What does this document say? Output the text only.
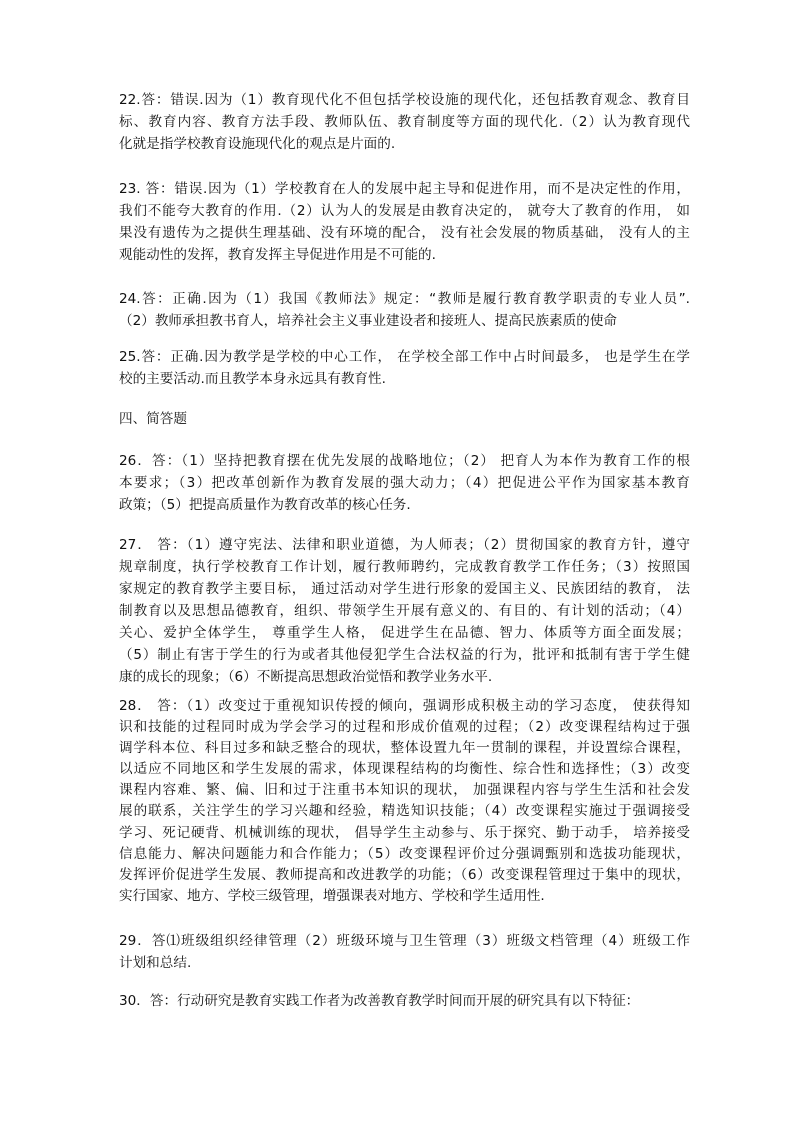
22.答：错误.因为（1）教育现代化不但包括学校设施的现代化，还包括教育观念、教育目
标、教育内容、教育方法手段、教师队伍、教育制度等方面的现代化.（2）认为教育现代
化就是指学校教育设施现代化的观点是片面的.
23. 答：错误.因为（1）学校教育在人的发展中起主导和促进作用，而不是决定性的作用，
我们不能夸大教育的作用.（2）认为人的发展是由教育决定的， 就夸大了教育的作用， 如
果没有遗传为之提供生理基础、没有环境的配合， 没有社会发展的物质基础， 没有人的主
观能动性的发挥，教育发挥主导促进作用是不可能的.
24.答：正确.因为（1）我国《教师法》规定：“教师是履行教育教学职责的专业人员”.
（2）教师承担教书育人，培养社会主义事业建设者和接班人、提高民族素质的使命
25.答：正确.因为教学是学校的中心工作， 在学校全部工作中占时间最多， 也是学生在学
校的主要活动.而且教学本身永远具有教育性.
四、简答题
26．答：（1）坚持把教育摆在优先发展的战略地位；（2） 把育人为本作为教育工作的根
本要求；（3）把改革创新作为教育发展的强大动力；（4）把促进公平作为国家基本教育
政策；（5）把提高质量作为教育改革的核心任务.
27． 答：（1）遵守宪法、法律和职业道德，为人师表；（2）贯彻国家的教育方针，遵守
规章制度，执行学校教育工作计划，履行教师聘约，完成教育教学工作任务；（3）按照国
家规定的教育教学主要目标， 通过活动对学生进行形象的爱国主义、民族团结的教育， 法
制教育以及思想品德教育，组织、带领学生开展有意义的、有目的、有计划的活动；（4）
关心、爱护全体学生， 尊重学生人格， 促进学生在品德、智力、体质等方面全面发展；
（5）制止有害于学生的行为或者其他侵犯学生合法权益的行为，批评和抵制有害于学生健
康的成长的现象；（6）不断提高思想政治觉悟和教学业务水平.
28． 答：（1）改变过于重视知识传授的倾向，强调形成积极主动的学习态度， 使获得知
识和技能的过程同时成为学会学习的过程和形成价值观的过程；（2）改变课程结构过于强
调学科本位、科目过多和缺乏整合的现状，整体设置九年一贯制的课程，并设置综合课程，
以适应不同地区和学生发展的需求，体现课程结构的均衡性、综合性和选择性；（3）改变
课程内容难、繁、偏、旧和过于注重书本知识的现状， 加强课程内容与学生生活和社会发
展的联系，关注学生的学习兴趣和经验，精选知识技能；（4）改变课程实施过于强调接受
学习、死记硬背、机械训练的现状， 倡导学生主动参与、乐于探究、勤于动手， 培养接受
信息能力、解决问题能力和合作能力；（5）改变课程评价过分强调甄别和选拔功能现状，
发挥评价促进学生发展、教师提高和改进教学的功能；（6）改变课程管理过于集中的现状，
实行国家、地方、学校三级管理，增强课表对地方、学校和学生适用性.
29．答⑴班级组织经律管理（2）班级环境与卫生管理（3）班级文档管理（4）班级工作
计划和总结.
30．答：行动研究是教育实践工作者为改善教育教学时间而开展的研究具有以下特征：
